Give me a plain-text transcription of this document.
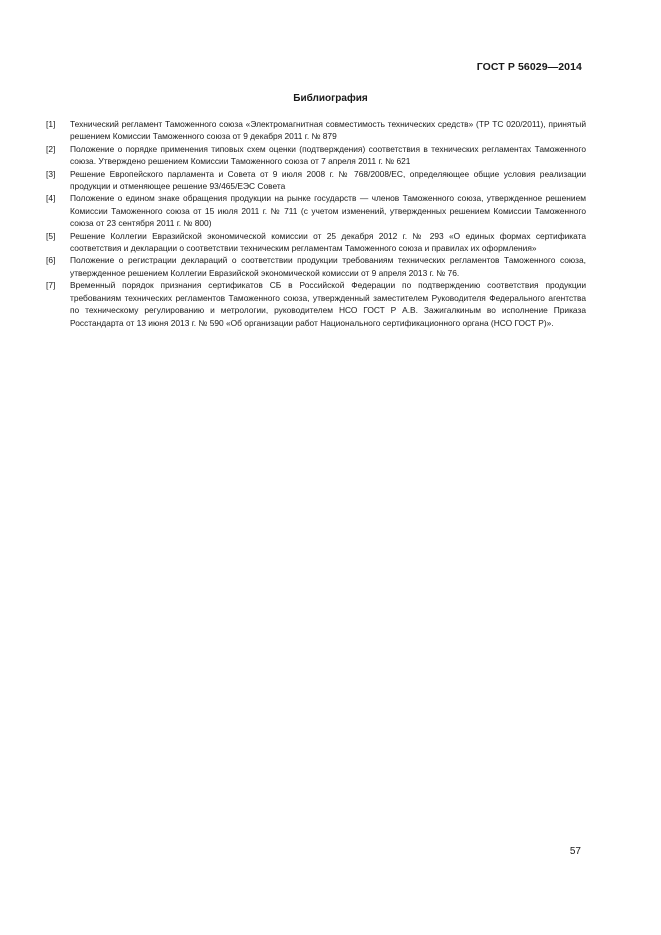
ГОСТ Р 56029—2014
Библиография
[1]	Технический регламент Таможенного союза «Электромагнитная совместимость технических средств» (ТР ТС 020/2011), принятый решением Комиссии Таможенного союза от 9 декабря 2011 г. № 879
[2]	Положение о порядке применения типовых схем оценки (подтверждения) соответствия в технических регламентах Таможенного союза. Утверждено решением Комиссии Таможенного союза от 7 апреля 2011 г. № 621
[3]	Решение Европейского парламента и Совета от 9 июля 2008 г. № 768/2008/ЕС, определяющее общие условия реализации продукции и отменяющее решение 93/465/ЕЭС Совета
[4]	Положение о едином знаке обращения продукции на рынке государств — членов Таможенного союза, утвержденное решением Комиссии Таможенного союза от 15 июля 2011 г. № 711 (с учетом изменений, утвержденных решением Комиссии Таможенного союза от 23 сентября 2011 г. № 800)
[5]	Решение Коллегии Евразийской экономической комиссии от 25 декабря 2012 г. № 293 «О единых формах сертификата соответствия и декларации о соответствии техническим регламентам Таможенного союза и правилах их оформления»
[6]	Положение о регистрации деклараций о соответствии продукции требованиям технических регламентов Таможенного союза, утвержденное решением Коллегии Евразийской экономической комиссии от 9 апреля 2013 г. № 76.
[7]	Временный порядок признания сертификатов СБ в Российской Федерации по подтверждению соответствия продукции требованиям технических регламентов Таможенного союза, утвержденный заместителем Руководителя Федерального агентства по техническому регулированию и метрологии, руководителем НСО ГОСТ Р А.В. Зажигалкиным во исполнение Приказа Росстандарта от 13 июня 2013 г. № 590 «Об организации работ Национального сертификационного органа (НСО ГОСТ Р)».
57
